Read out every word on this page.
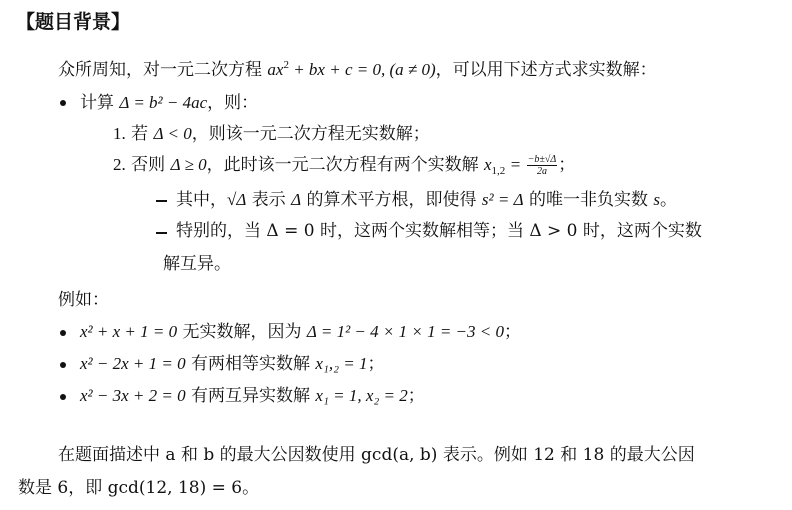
【题目背景】
众所周知，对一元二次方程 $ax^2$ + bx + c = 0, (a ≠ 0)，可以用下述方式求实数解：
计算 Δ = b² − 4ac，则：
1. 若 Δ < 0，则该一元二次方程无实数解；
2. 否则 Δ ≥ 0，此时该一元二次方程有两个实数解 $x_{1,2} = \frac{-b\pm√\Delta}{2a}$ ；
其中，√Δ 表示 Δ 的算术平方根，即使得 s² = Δ 的唯一非负实数 s。
特别的，当 Δ = 0 时，这两个实数解相等；当 Δ > 0 时，这两个实数
解互异。
例如：
x² + x + 1 = 0 无实数解，因为 Δ = 1² − 4 × 1 × 1 = −3 < 0；
x² − 2x + 1 = 0 有两相等实数解 x₁,₂ = 1；
x² − 3x + 2 = 0 有两互异实数解 x₁ = 1, x₂ = 2；
在题面描述中 a 和 b 的最大公因数使用 gcd(a, b) 表示。例如 12 和 18 的最大公因
数是 6，即 gcd(12, 18) = 6。
